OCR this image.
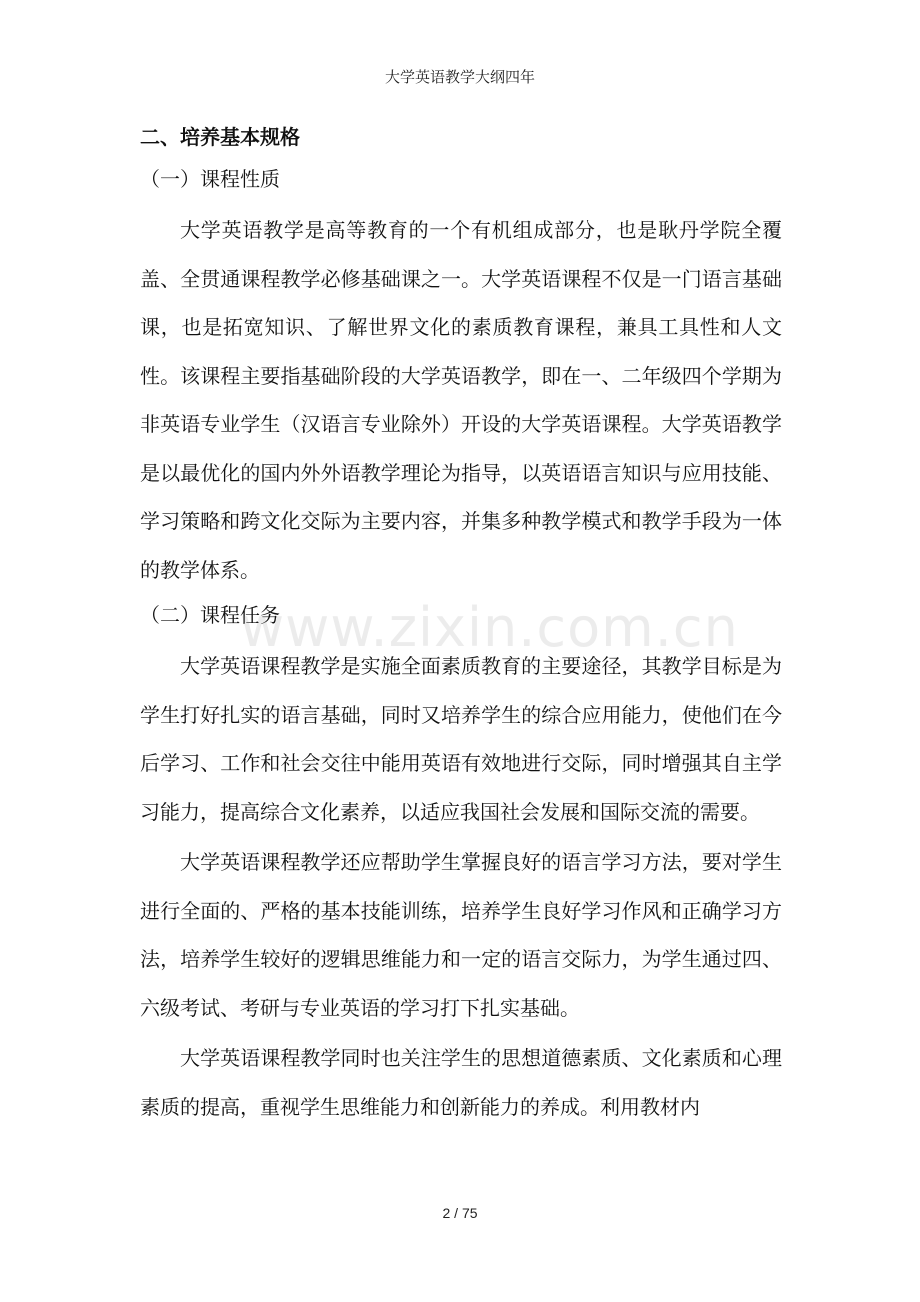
大学英语教学大纲四年

二、培养基本规格

（一）课程性质

大学英语教学是高等教育的一个有机组成部分，也是耿丹学院全覆盖、全贯通课程教学必修基础课之一。大学英语课程不仅是一门语言基础课，也是拓宽知识、了解世界文化的素质教育课程，兼具工具性和人文性。该课程主要指基础阶段的大学英语教学，即在一、二年级四个学期为非英语专业学生（汉语言专业除外）开设的大学英语课程。大学英语教学是以最优化的国内外外语教学理论为指导，以英语语言知识与应用技能、学习策略和跨文化交际为主要内容，并集多种教学模式和教学手段为一体的教学体系。

（二）课程任务

大学英语课程教学是实施全面素质教育的主要途径，其教学目标是为学生打好扎实的语言基础，同时又培养学生的综合应用能力，使他们在今后学习、工作和社会交往中能用英语有效地进行交际，同时增强其自主学习能力，提高综合文化素养，以适应我国社会发展和国际交流的需要。

大学英语课程教学还应帮助学生掌握良好的语言学习方法，要对学生进行全面的、严格的基本技能训练，培养学生良好学习作风和正确学习方法，培养学生较好的逻辑思维能力和一定的语言交际力，为学生通过四、六级考试、考研与专业英语的学习打下扎实基础。

大学英语课程教学同时也关注学生的思想道德素质、文化素质和心理素质的提高，重视学生思维能力和创新能力的养成。利用教材内

www.zixin.com.cn
2 / 75
